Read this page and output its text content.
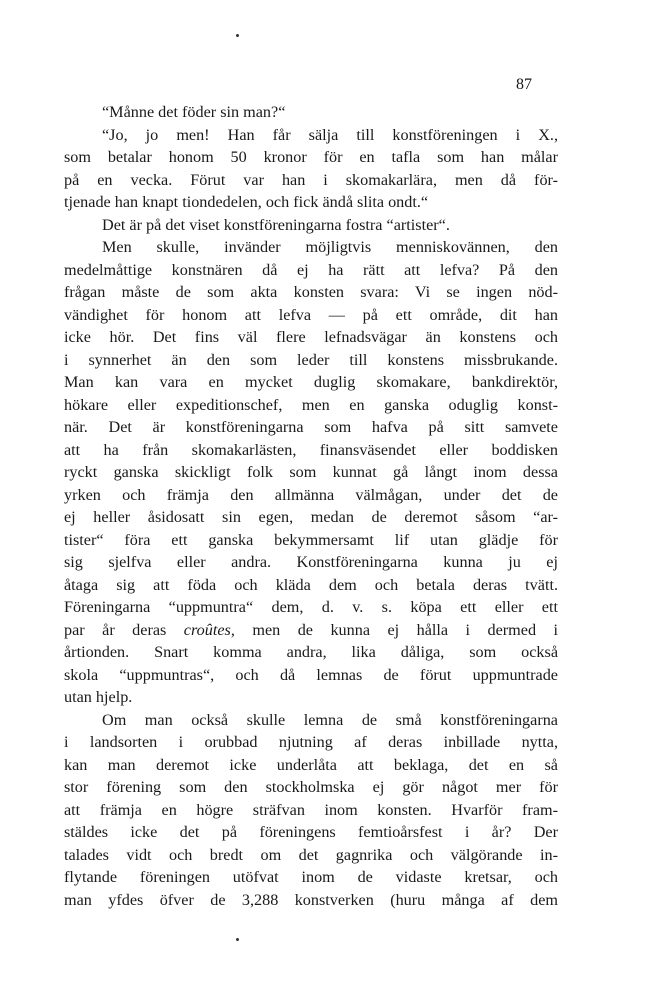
87
“Månne det föder sin man?“
“Jo, jo men! Han får sälja till konstföreningen i X.,
som betalar honom 50 kronor för en tafla som han målar
på en vecka. Förut var han i skomakarlära, men då för-
tjenade han knapt tiondedelen, och fick ändå slita ondt.“
Det är på det viset konstföreningarna fostra “artister“.
Men skulle, invänder möjligtvis menniskovännen, den
medelmåttige konstnären då ej ha rätt att lefva? På den
frågan måste de som akta konsten svara: Vi se ingen nöd-
vändighet för honom att lefva — på ett område, dit han
icke hör. Det fins väl flere lefnadsvägar än konstens och
i synnerhet än den som leder till konstens missbrukande.
Man kan vara en mycket duglig skomakare, bankdirektör,
hökare eller expeditionschef, men en ganska oduglig konst-
när. Det är konstföreningarna som hafva på sitt samvete
att ha från skomakarlästen, finansväsendet eller boddisken
ryckt ganska skickligt folk som kunnat gå långt inom dessa
yrken och främja den allmänna välmågan, under det de
ej heller åsidosatt sin egen, medan de deremot såsom “ar-
tister“ föra ett ganska bekymmersamt lif utan glädje för
sig sjelfva eller andra. Konstföreningarna kunna ju ej
åtaga sig att föda och kläda dem och betala deras tvätt.
Föreningarna “uppmuntra“ dem, d. v. s. köpa ett eller ett
par år deras croûtes, men de kunna ej hålla i dermed i
årtionden. Snart komma andra, lika dåliga, som också
skola “uppmuntras“, och då lemnas de förut uppmuntrade
utan hjelp.
Om man också skulle lemna de små konstföreningarna
i landsorten i orubbad njutning af deras inbillade nytta,
kan man deremot icke underlåta att beklaga, det en så
stor förening som den stockholmska ej gör något mer för
att främja en högre sträfvan inom konsten. Hvarför fram-
stäldes icke det på föreningens femtioårsfest i år? Der
talades vidt och bredt om det gagnrika och välgörande in-
flytande föreningen utöfvat inom de vidaste kretsar, och
man yfdes öfver de 3,288 konstverken (huru många af dem
